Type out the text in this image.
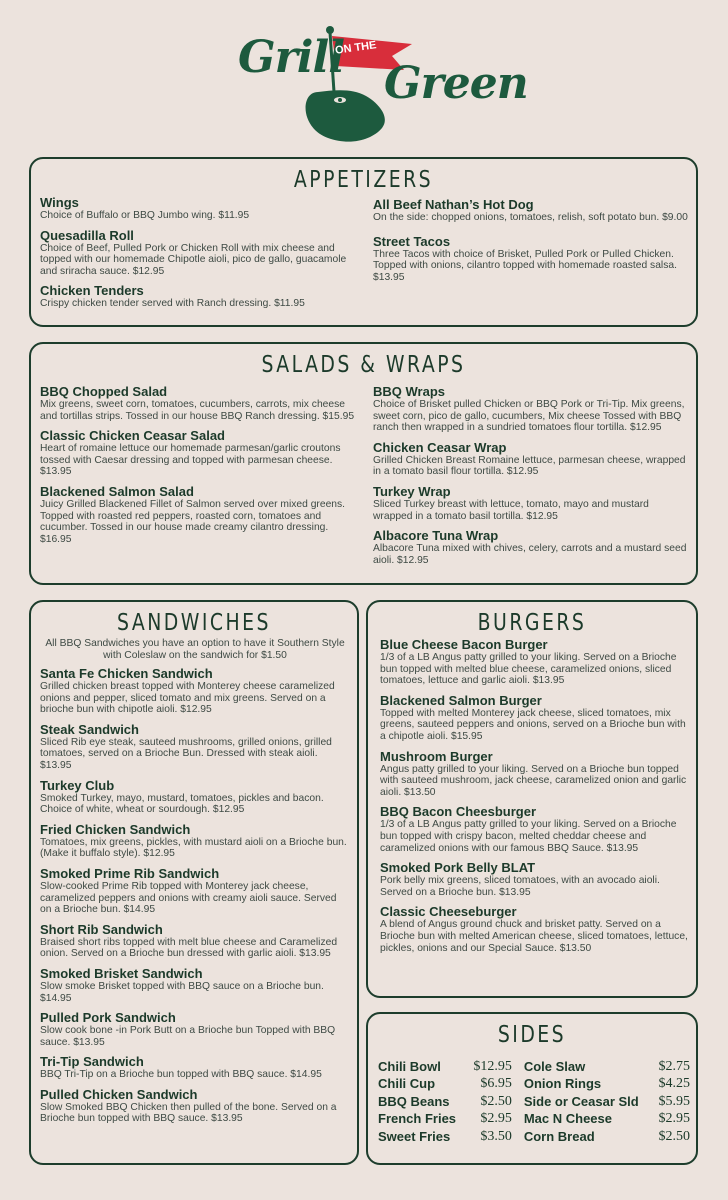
Grill
ON THE
Green
APPETIZERS
Wings
Choice of Buffalo or BBQ Jumbo wing. $11.95
Quesadilla Roll
Choice of Beef, Pulled Pork or Chicken Roll with mix cheese and topped with our homemade Chipotle aioli, pico de gallo, guacamole and sriracha sauce. $12.95
Chicken Tenders
Crispy chicken tender served with Ranch dressing. $11.95
All Beef Nathan’s Hot Dog
On the side: chopped onions, tomatoes, relish, soft potato bun. $9.00
Street Tacos
Three Tacos with choice of Brisket, Pulled Pork or Pulled Chicken. Topped with onions, cilantro topped with homemade roasted salsa. $13.95
SALADS & WRAPS
BBQ Chopped Salad
Mix greens, sweet corn, tomatoes, cucumbers, carrots, mix cheese and tortillas strips. Tossed in our house BBQ Ranch dressing. $15.95
Classic Chicken Ceasar Salad
Heart of romaine lettuce our homemade parmesan/garlic croutons tossed with Caesar dressing and topped with parmesan cheese. $13.95
Blackened Salmon Salad
Juicy Grilled Blackened Fillet of Salmon served over mixed greens. Topped with roasted red peppers, roasted corn, tomatoes and cucumber. Tossed in our house made creamy cilantro dressing. $16.95
BBQ Wraps
Choice of Brisket pulled Chicken or BBQ Pork or Tri-Tip. Mix greens, sweet corn, pico de gallo, cucumbers, Mix cheese Tossed with BBQ ranch then wrapped in a sundried tomatoes flour tortilla. $12.95
Chicken Ceasar Wrap
Grilled Chicken Breast Romaine lettuce, parmesan cheese, wrapped in a tomato basil flour tortilla. $12.95
Turkey Wrap
Sliced Turkey breast with lettuce, tomato, mayo and mustard wrapped in a tomato basil tortilla. $12.95
Albacore Tuna Wrap
Albacore Tuna mixed with chives, celery, carrots and a mustard seed aioli. $12.95
SANDWICHES
All BBQ Sandwiches you have an option to have it Southern Style with Coleslaw on the sandwich for $1.50
Santa Fe Chicken Sandwich
Grilled chicken breast topped with Monterey cheese caramelized onions and pepper, sliced tomato and mix greens. Served on a brioche bun with chipotle aioli. $12.95
Steak Sandwich
Sliced Rib eye steak, sauteed mushrooms, grilled onions, grilled tomatoes, served on a Brioche Bun. Dressed with steak aioli. $13.95
Turkey Club
Smoked Turkey, mayo, mustard, tomatoes, pickles and bacon. Choice of white, wheat or sourdough. $12.95
Fried Chicken Sandwich
Tomatoes, mix greens, pickles, with mustard aioli on a Brioche bun. (Make it buffalo style). $12.95
Smoked Prime Rib Sandwich
Slow-cooked Prime Rib topped with Monterey jack cheese, caramelized peppers and onions with creamy aioli sauce. Served on a Brioche bun. $14.95
Short Rib Sandwich
Braised short ribs topped with melt blue cheese and Caramelized onion. Served on a Brioche bun dressed with garlic aioli. $13.95
Smoked Brisket Sandwich
Slow smoke Brisket topped with BBQ sauce on a Brioche bun. $14.95
Pulled Pork Sandwich
Slow cook bone -in Pork Butt on a Brioche bun Topped with BBQ sauce. $13.95
Tri-Tip Sandwich
BBQ Tri-Tip on a Brioche bun topped with BBQ sauce. $14.95
Pulled Chicken Sandwich
Slow Smoked BBQ Chicken then pulled of the bone. Served on a Brioche bun topped with BBQ sauce. $13.95
BURGERS
Blue Cheese Bacon Burger
1/3 of a LB Angus patty grilled to your liking. Served on a Brioche bun topped with melted blue cheese, caramelized onions, sliced tomatoes, lettuce and garlic aioli. $13.95
Blackened Salmon Burger
Topped with melted Monterey jack cheese, sliced tomatoes, mix greens, sauteed peppers and onions, served on a Brioche bun with a chipotle aioli. $15.95
Mushroom Burger
Angus patty grilled to your liking. Served on a Brioche bun topped with sauteed mushroom, jack cheese, caramelized onion and garlic aioli. $13.50
BBQ Bacon Cheesburger
1/3 of a LB Angus patty grilled to your liking. Served on a Brioche bun topped with crispy bacon, melted cheddar cheese and caramelized onions with our famous BBQ Sauce. $13.95
Smoked Pork Belly BLAT
Pork belly mix greens, sliced tomatoes, with an avocado aioli. Served on a Brioche bun. $13.95
Classic Cheeseburger
A blend of Angus ground chuck and brisket patty. Served on a Brioche bun with melted American cheese, sliced tomatoes, lettuce, pickles, onions and our Special Sauce. $13.50
SIDES
Chili Bowl	$12.95	Cole Slaw	$2.75
Chili Cup	$6.95	Onion Rings	$4.25
BBQ Beans	$2.50	Side or Ceasar Sld	$5.95
French Fries	$2.95	Mac N Cheese	$2.95
Sweet Fries	$3.50	Corn Bread	$2.50
